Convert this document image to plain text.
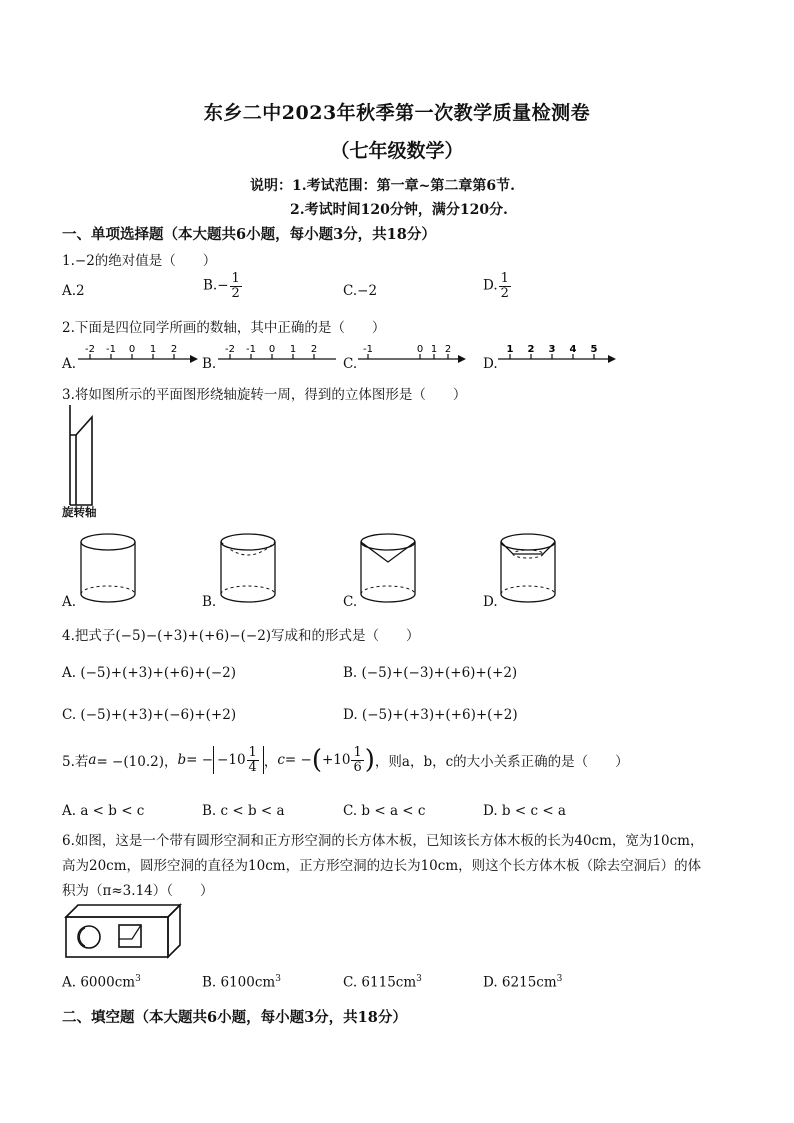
东乡二中2023年秋季第一次教学质量检测卷
（七年级数学）
说明：1.考试范围：第一章~第二章第6节.
2.考试时间120分钟，满分120分.
一、单项选择题（本大题共6小题，每小题3分，共18分）
1.−2的绝对值是（　　）
A.2	$B.- \frac{1}{2}$	C.−2	D. $\frac{1}{2}$
2.下面是四位同学所画的数轴，其中正确的是（　　）
A.	B.	C.	D.
-2 -1 0 1 2	-2 -1 0 1 2	-1	0 1 2	1 2 3 4 5
3.将如图所示的平面图形绕轴旋转一周，得到的立体图形是（　　）
旋转轴
A.	B.	C.	D.
4.把式子(−5)−(+3)+(+6)−(−2)写成和的形式是（　　）
A. (−5)+(+3)+(+6)+(−2)	B. (−5)+(−3)+(+6)+(+2)
C. (−5)+(+3)+(−6)+(+2)	D. (−5)+(+3)+(+6)+(+2)
5.若 a = −(10.2)， b = − $-10 \frac{1}{4}$ ， c = − ( $+10 \frac{1}{6}$ ) ，则a，b，c的大小关系正确的是（　　）
A. a < b < c	B. c < b < a	C. b < a < c	D. b < c < a
6.如图，这是一个带有圆形空洞和正方形空洞的长方体木板，已知该长方体木板的长为40cm，宽为10cm，
高为20cm，圆形空洞的直径为10cm，正方形空洞的边长为10cm，则这个长方体木板（除去空洞后）的体
积为（π≈3.14）（　　）
A. $6000cm^3$	B. $6100cm^3$	C. $6115cm^3$	D. $6215cm^3$
二、填空题（本大题共6小题，每小题3分，共18分）
